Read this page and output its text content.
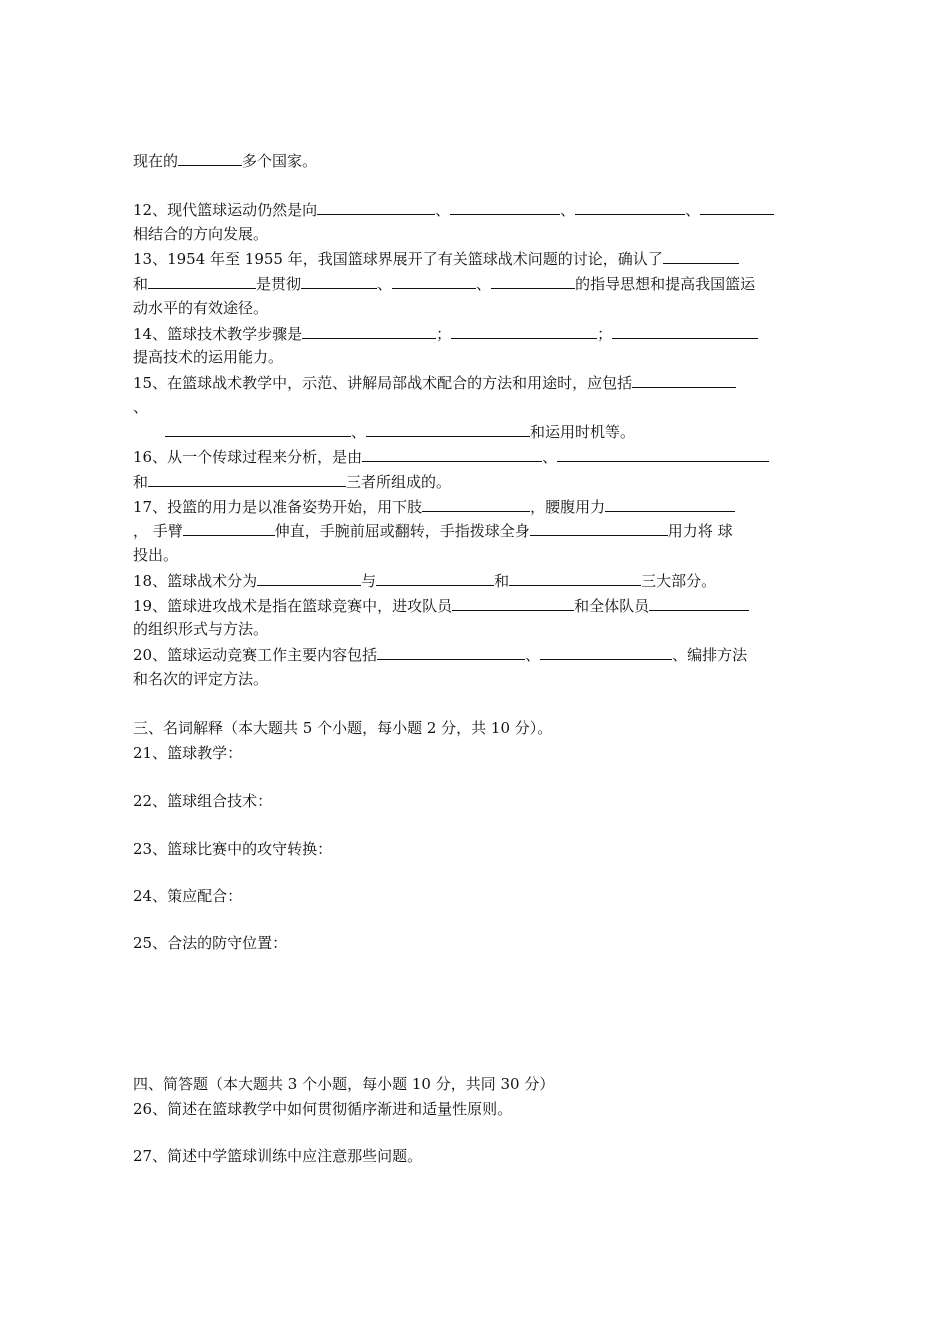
现在的	多个国家。
12、现代篮球运动仍然是向	、	、	、
相结合的方向发展。
13、1954 年至 1955 年，我国篮球界展开了有关篮球战术问题的讨论，确认了
和	是贯彻	、	、	的指导思想和提高我国篮运
动水平的有效途径。
14、篮球技术教学步骤是	；	；
提高技术的运用能力。
15、在篮球战术教学中，示范、讲解局部战术配合的方法和用途时，应包括
、
、	和运用时机等。
16、从一个传球过程来分析，是由	、
和	三者所组成的。
17、投篮的用力是以准备姿势开始，用下肢	，腰腹用力
， 手臂	伸直，手腕前屈或翻转，手指拨球全身	用力将 球
投出。
18、篮球战术分为	与	和	三大部分。
19、篮球进攻战术是指在篮球竞赛中，进攻队员	和全体队员
的组织形式与方法。
20、篮球运动竞赛工作主要内容包括	、	、编排方法
和名次的评定方法。
三、名词解释（本大题共 5 个小题，每小题 2 分，共 10 分）。
21、篮球教学：
22、篮球组合技术：
23、篮球比赛中的攻守转换：
24、策应配合：
25、合法的防守位置：
四、简答题（本大题共 3 个小题，每小题 10 分，共同 30 分）
26、简述在篮球教学中如何贯彻循序渐进和适量性原则。
27、简述中学篮球训练中应注意那些问题。
